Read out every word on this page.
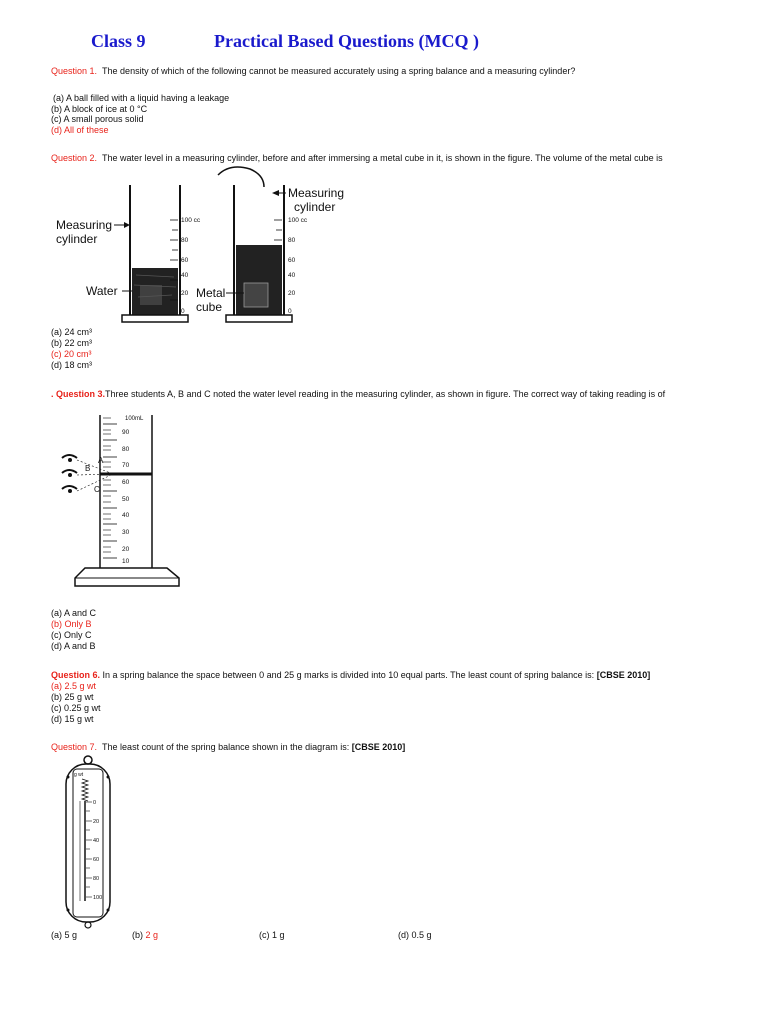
Class 9	Practical Based Questions (MCQ )
Question 1. The density of which of the following cannot be measured accurately using a spring balance and a measuring cylinder?
(a) A ball filled with a liquid having a leakage
(b) A block of ice at 0 °C
(c) A small porous solid
(d) All of these
Question 2. The water level in a measuring cylinder, before and after immersing a metal cube in it, is shown in the figure. The volume of the metal cube is
100 cc
80
60
40
20
0
Measuring
cylinder
Water
100 cc
80
60
40
20
0
Metal
cube
Measuring
cylinder
(a) 24 cm³
(b) 22 cm³
(c) 20 cm³
(d) 18 cm³
. Question 3.Three students A, B and C noted the water level reading in the measuring cylinder, as shown in figure. The correct way of taking reading is of
100mL
90
80
70
60
50
40
30
20
10
A
B
C
(a) A and C
(b) Only B
(c) Only C
(d) A and B
Question 6. In a spring balance the space between 0 and 25 g marks is divided into 10 equal parts. The least count of spring balance is: [CBSE 2010]
(a) 2.5 g wt
(b) 25 g wt
(c) 0.25 g wt
(d) 15 g wt
Question 7. The least count of the spring balance shown in the diagram is: [CBSE 2010]
g wt
0
20
40
60
80
100
(a) 5 g	(b) 2 g	(c) 1 g	(d) 0.5 g
